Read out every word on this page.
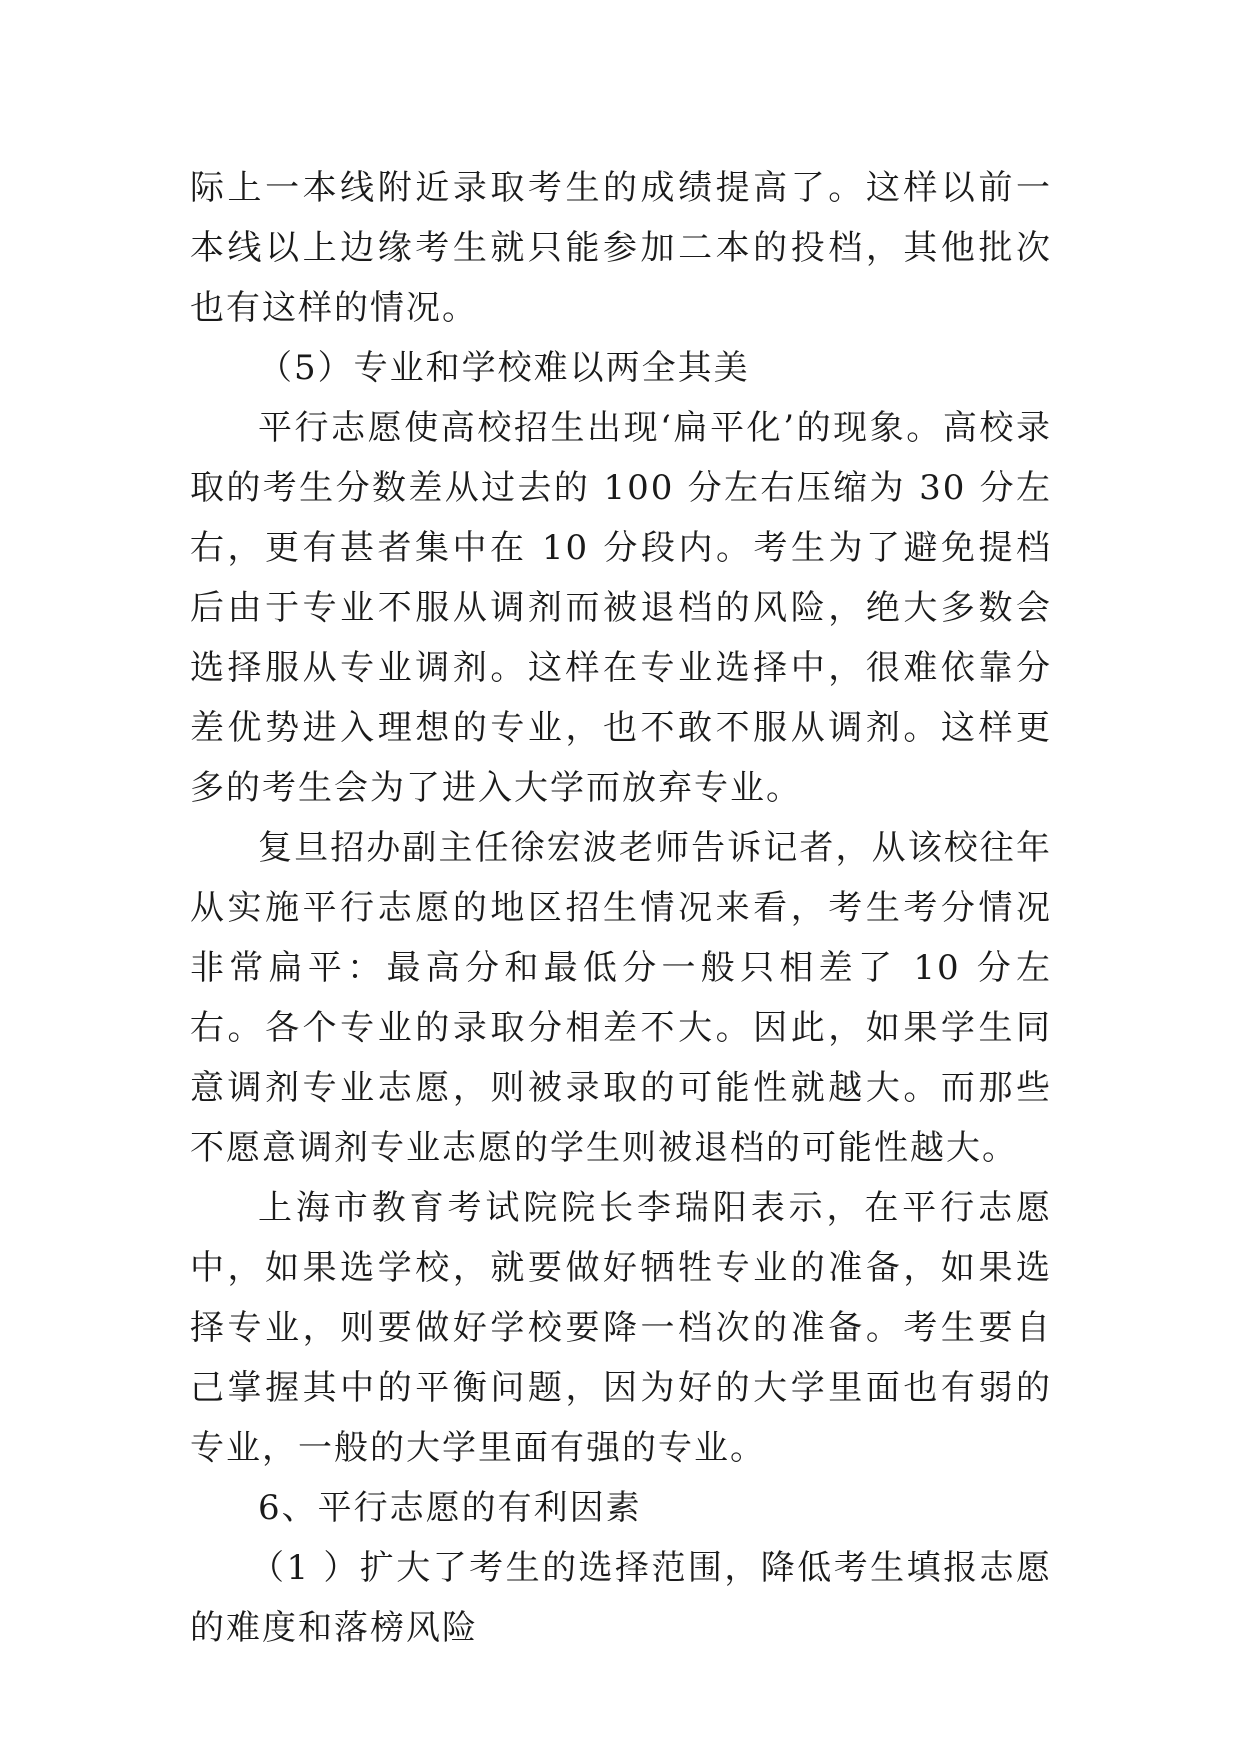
际上一本线附近录取考生的成绩提高了。这样以前一本线以上边缘考生就只能参加二本的投档，其他批次也有这样的情况。

（5）专业和学校难以两全其美

平行志愿使高校招生出现‘扁平化’的现象。高校录取的考生分数差从过去的 100 分左右压缩为 30 分左右，更有甚者集中在 10 分段内。考生为了避免提档后由于专业不服从调剂而被退档的风险，绝大多数会选择服从专业调剂。这样在专业选择中，很难依靠分差优势进入理想的专业，也不敢不服从调剂。这样更多的考生会为了进入大学而放弃专业。

复旦招办副主任徐宏波老师告诉记者，从该校往年从实施平行志愿的地区招生情况来看，考生考分情况非常扁平：最高分和最低分一般只相差了 10 分左右。各个专业的录取分相差不大。因此，如果学生同意调剂专业志愿，则被录取的可能性就越大。而那些不愿意调剂专业志愿的学生则被退档的可能性越大。

上海市教育考试院院长李瑞阳表示，在平行志愿中，如果选学校，就要做好牺牲专业的准备，如果选择专业，则要做好学校要降一档次的准备。考生要自己掌握其中的平衡问题，因为好的大学里面也有弱的专业，一般的大学里面有强的专业。

6、平行志愿的有利因素

（1 ）扩大了考生的选择范围，降低考生填报志愿的难度和落榜风险
